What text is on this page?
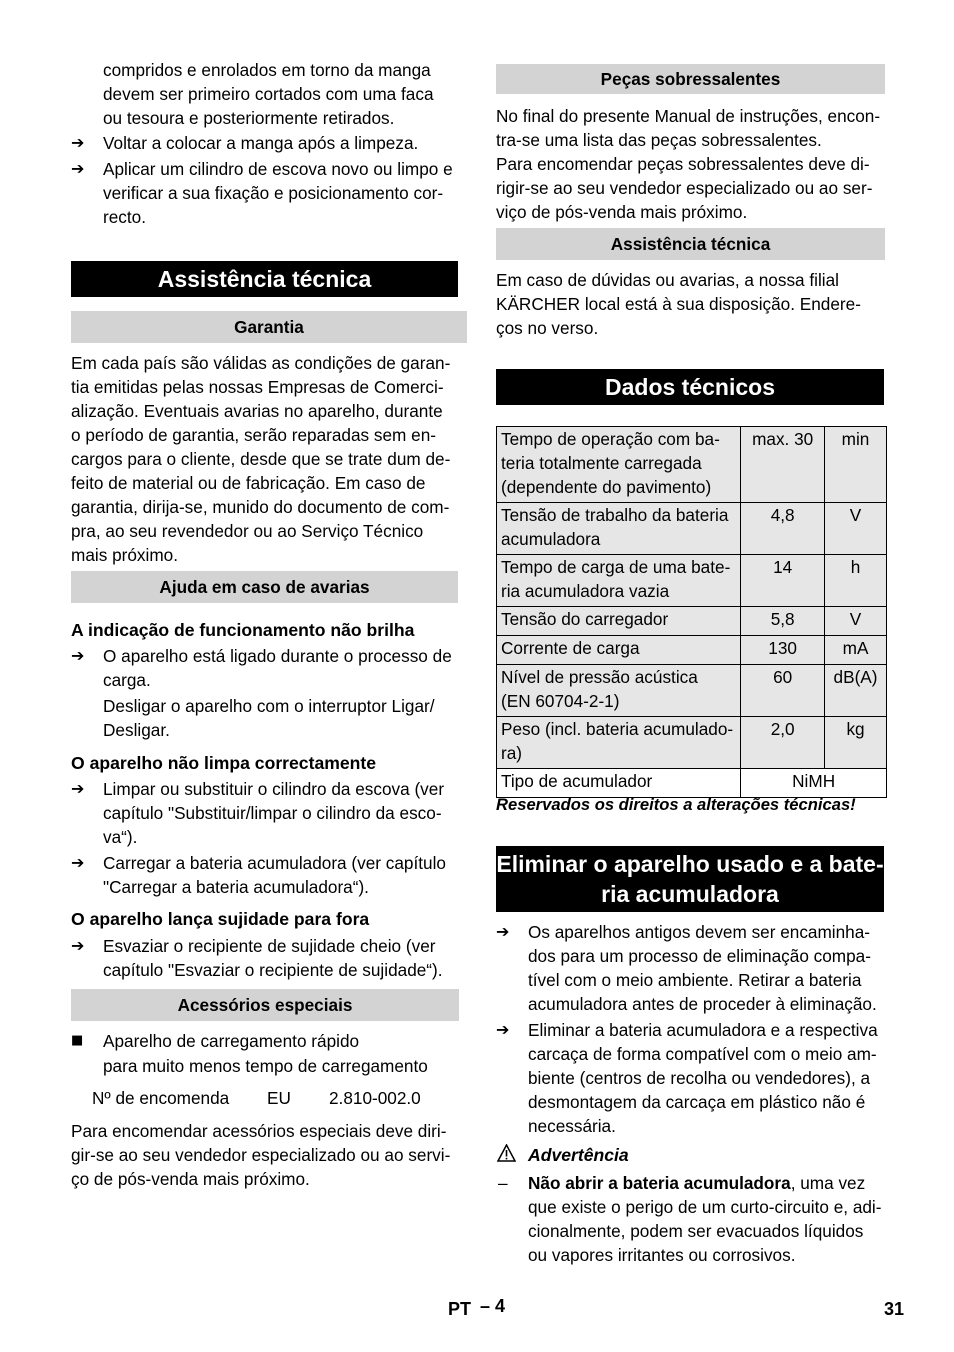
compridos e enrolados em torno da manga

devem ser primeiro cortados com uma faca

ou tesoura e posteriormente retirados.

➔	Voltar a colocar a manga após a limpeza.

➔	Aplicar um cilindro de escova novo ou limpo e

verificar a sua fixação e posicionamento cor-

recto.

Assistência técnica
Garantia

Em cada país são válidas as condições de garan-

tia emitidas pelas nossas Empresas de Comerci-

alização. Eventuais avarias no aparelho, durante

o período de garantia, serão reparadas sem en-

cargos para o cliente, desde que se trate dum de-

feito de material ou de fabricação. Em caso de

garantia, dirija-se, munido do documento de com-

pra, ao seu revendedor ou ao Serviço Técnico

mais próximo.

Ajuda em caso de avarias
A indicação de funcionamento não brilha
➔	O aparelho está ligado durante o processo de

carga.

Desligar o aparelho com o interruptor Ligar/

Desligar.

O aparelho não limpa correctamente
➔	Limpar ou substituir o cilindro da escova (ver

capítulo "Substituir/limpar o cilindro da esco-

va“).

➔	Carregar a bateria acumuladora (ver capítulo

"Carregar a bateria acumuladora“).

O aparelho lança sujidade para fora
➔	Esvaziar o recipiente de sujidade cheio (ver

capítulo "Esvaziar o recipiente de sujidade“).

Acessórios especiais
■	Aparelho de carregamento rápido

para muito menos tempo de carregamento

Nº de encomenda EU 2.810-002.0

Para encomendar acessórios especiais deve diri-

gir-se ao seu vendedor especializado ou ao servi-

ço de pós-venda mais próximo.

Peças sobressalentes

No final do presente Manual de instruções, encon-

tra-se uma lista das peças sobressalentes.

Para encomendar peças sobressalentes deve di-

rigir-se ao seu vendedor especializado ou ao ser-

viço de pós-venda mais próximo.

Assistência técnica

Em caso de dúvidas ou avarias, a nossa filial

KÄRCHER local está à sua disposição. Endere-

ços no verso.

Dados técnicos
Tempo de operação com ba-
teria totalmente carregada
(dependente do pavimento)	max. 30	min

Tensão de trabalho da bateria
acumuladora	4,8	V

Tempo de carga de uma bate-
ria acumuladora vazia	14	h

Tensão do carregador	5,8	V

Corrente de carga	130	mA

Nível de pressão acústica
(EN 60704-2-1)	60	dB(A)

Peso (incl. bateria acumulado-
ra)	2,0	kg
Tipo de acumulador	NiMH	
Reservados os direitos a alterações técnicas!
Eliminar o aparelho usado e a bate-
ria acumuladora
➔	Os aparelhos antigos devem ser encaminha-

dos para um processo de eliminação compa-

tível com o meio ambiente. Retirar a bateria

acumuladora antes de proceder à eliminação.

➔	Eliminar a bateria acumuladora e a respectiva

carcaça de forma compatível com o meio am-

biente (centros de recolha ou vendedores), a

desmontagem da carcaça em plástico não é

necessária.

Advertência
– Não abrir a bateria acumuladora, uma vez

que existe o perigo de um curto-circuito e, adi-

cionalmente, podem ser evacuados líquidos

ou vapores irritantes ou corrosivos.

PT – 4	31
